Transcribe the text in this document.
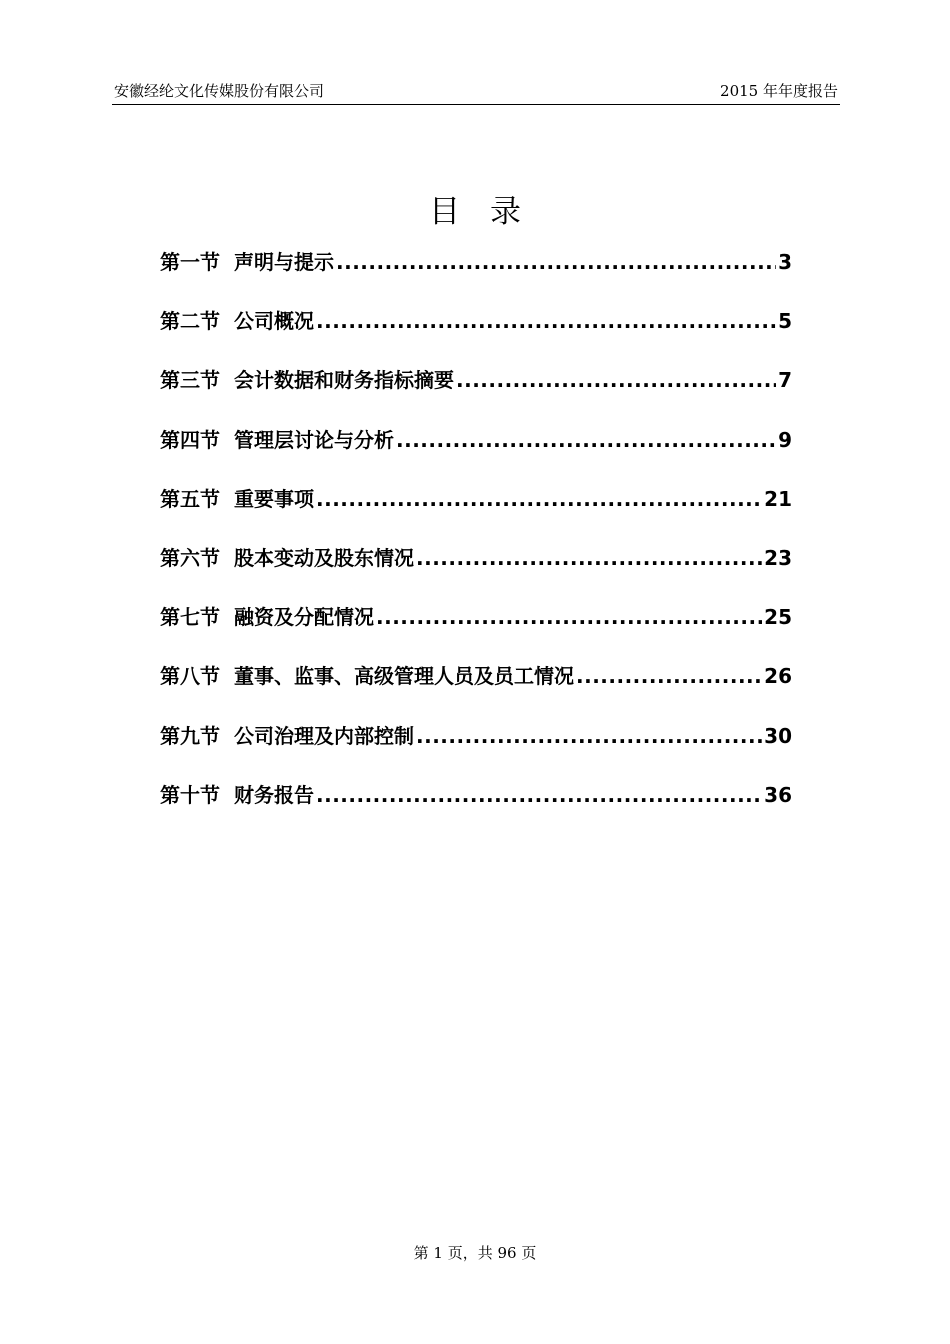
安徽经纶文化传媒股份有限公司	2015 年年度报告
目录
第一节 声明与提示 .....	3
第二节 公司概况 .....	5
第三节 会计数据和财务指标摘要 .....	7
第四节 管理层讨论与分析 .....	9
第五节 重要事项 .....	21
第六节 股本变动及股东情况 .....	23
第七节 融资及分配情况 .....	25
第八节 董事、监事、高级管理人员及员工情况 .....	26
第九节 公司治理及内部控制 .....	30
第十节 财务报告 .....	36
第 1 页，共 96 页
